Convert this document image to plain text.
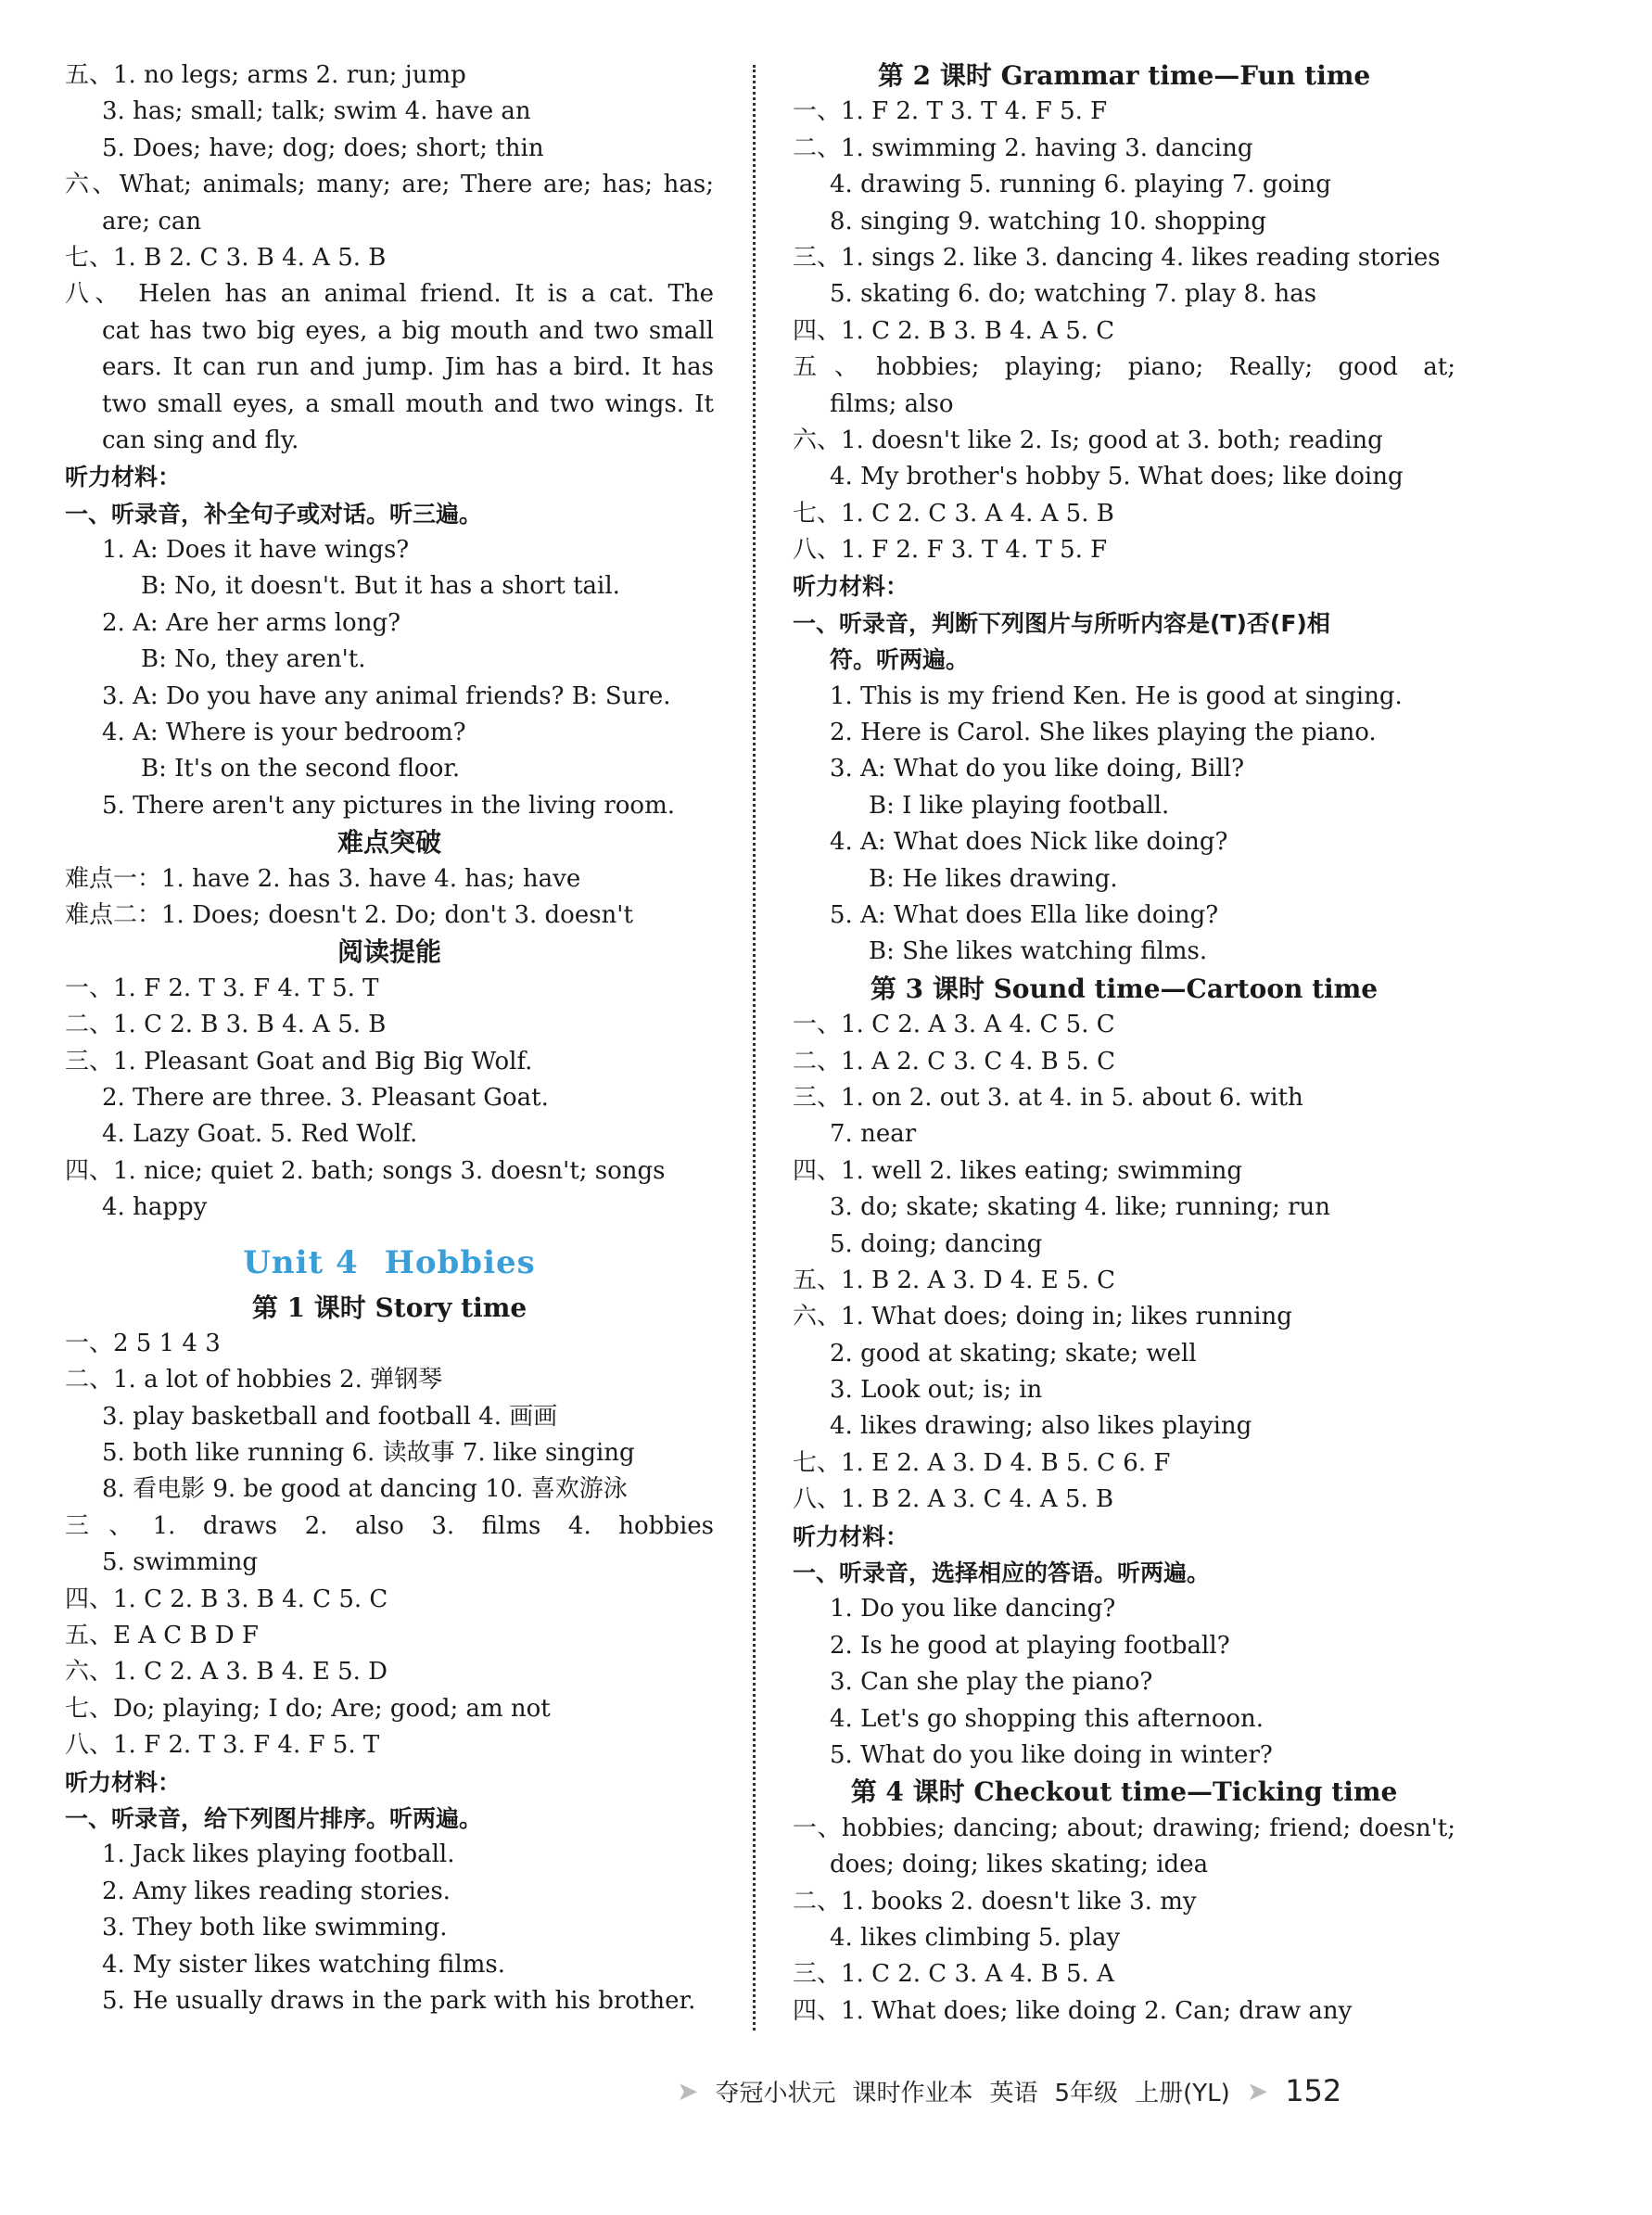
五、1. no legs; arms 2. run; jump
3. has; small; talk; swim 4. have an
5. Does; have; dog; does; short; thin
六、What; animals; many; are; There are; has; has;
are; can
七、1. B 2. C 3. B 4. A 5. B
八、 Helen has an animal friend. It is a cat. The
cat has two big eyes, a big mouth and two small
ears. It can run and jump. Jim has a bird. It has
two small eyes, a small mouth and two wings. It
can sing and fly.
听力材料：
一、听录音，补全句子或对话。听三遍。
1. A: Does it have wings?
B: No, it doesn't. But it has a short tail.
2. A: Are her arms long?
B: No, they aren't.
3. A: Do you have any animal friends? B: Sure.
4. A: Where is your bedroom?
B: It's on the second floor.
5. There aren't any pictures in the living room.
难点突破
难点一：1. have 2. has 3. have 4. has; have
难点二：1. Does; doesn't 2. Do; don't 3. doesn't
阅读提能
一、1. F 2. T 3. F 4. T 5. T
二、1. C 2. B 3. B 4. A 5. B
三、1. Pleasant Goat and Big Big Wolf.
2. There are three. 3. Pleasant Goat.
4. Lazy Goat. 5. Red Wolf.
四、1. nice; quiet 2. bath; songs 3. doesn't; songs
4. happy
Unit 4 Hobbies
第 1 课时 Story time
一、2 5 1 4 3
二、1. a lot of hobbies 2. 弹钢琴
3. play basketball and football 4. 画画
5. both like running 6. 读故事 7. like singing
8. 看电影 9. be good at dancing 10. 喜欢游泳
三、1. draws 2. also 3. films 4. hobbies
5. swimming
四、1. C 2. B 3. B 4. C 5. C
五、E A C B D F
六、1. C 2. A 3. B 4. E 5. D
七、Do; playing; I do; Are; good; am not
八、1. F 2. T 3. F 4. F 5. T
听力材料：
一、听录音，给下列图片排序。听两遍。
1. Jack likes playing football.
2. Amy likes reading stories.
3. They both like swimming.
4. My sister likes watching films.
5. He usually draws in the park with his brother.
第 2 课时 Grammar time—Fun time
一、1. F 2. T 3. T 4. F 5. F
二、1. swimming 2. having 3. dancing
4. drawing 5. running 6. playing 7. going
8. singing 9. watching 10. shopping
三、1. sings 2. like 3. dancing 4. likes reading stories
5. skating 6. do; watching 7. play 8. has
四、1. C 2. B 3. B 4. A 5. C
五、hobbies; playing; piano; Really; good at;
films; also
六、1. doesn't like 2. Is; good at 3. both; reading
4. My brother's hobby 5. What does; like doing
七、1. C 2. C 3. A 4. A 5. B
八、1. F 2. F 3. T 4. T 5. F
听力材料：
一、听录音，判断下列图片与所听内容是(T)否(F)相
符。听两遍。
1. This is my friend Ken. He is good at singing.
2. Here is Carol. She likes playing the piano.
3. A: What do you like doing, Bill?
B: I like playing football.
4. A: What does Nick like doing?
B: He likes drawing.
5. A: What does Ella like doing?
B: She likes watching films.
第 3 课时 Sound time—Cartoon time
一、1. C 2. A 3. A 4. C 5. C
二、1. A 2. C 3. C 4. B 5. C
三、1. on 2. out 3. at 4. in 5. about 6. with
7. near
四、1. well 2. likes eating; swimming
3. do; skate; skating 4. like; running; run
5. doing; dancing
五、1. B 2. A 3. D 4. E 5. C
六、1. What does; doing in; likes running
2. good at skating; skate; well
3. Look out; is; in
4. likes drawing; also likes playing
七、1. E 2. A 3. D 4. B 5. C 6. F
八、1. B 2. A 3. C 4. A 5. B
听力材料：
一、听录音，选择相应的答语。听两遍。
1. Do you like dancing?
2. Is he good at playing football?
3. Can she play the piano?
4. Let's go shopping this afternoon.
5. What do you like doing in winter?
第 4 课时 Checkout time—Ticking time
一、hobbies; dancing; about; drawing; friend; doesn't;
does; doing; likes skating; idea
二、1. books 2. doesn't like 3. my
4. likes climbing 5. play
三、1. C 2. C 3. A 4. B 5. A
四、1. What does; like doing 2. Can; draw any
➤ 夺冠小状元 课时作业本 英语 5年级 上册(YL) ➤ 152
